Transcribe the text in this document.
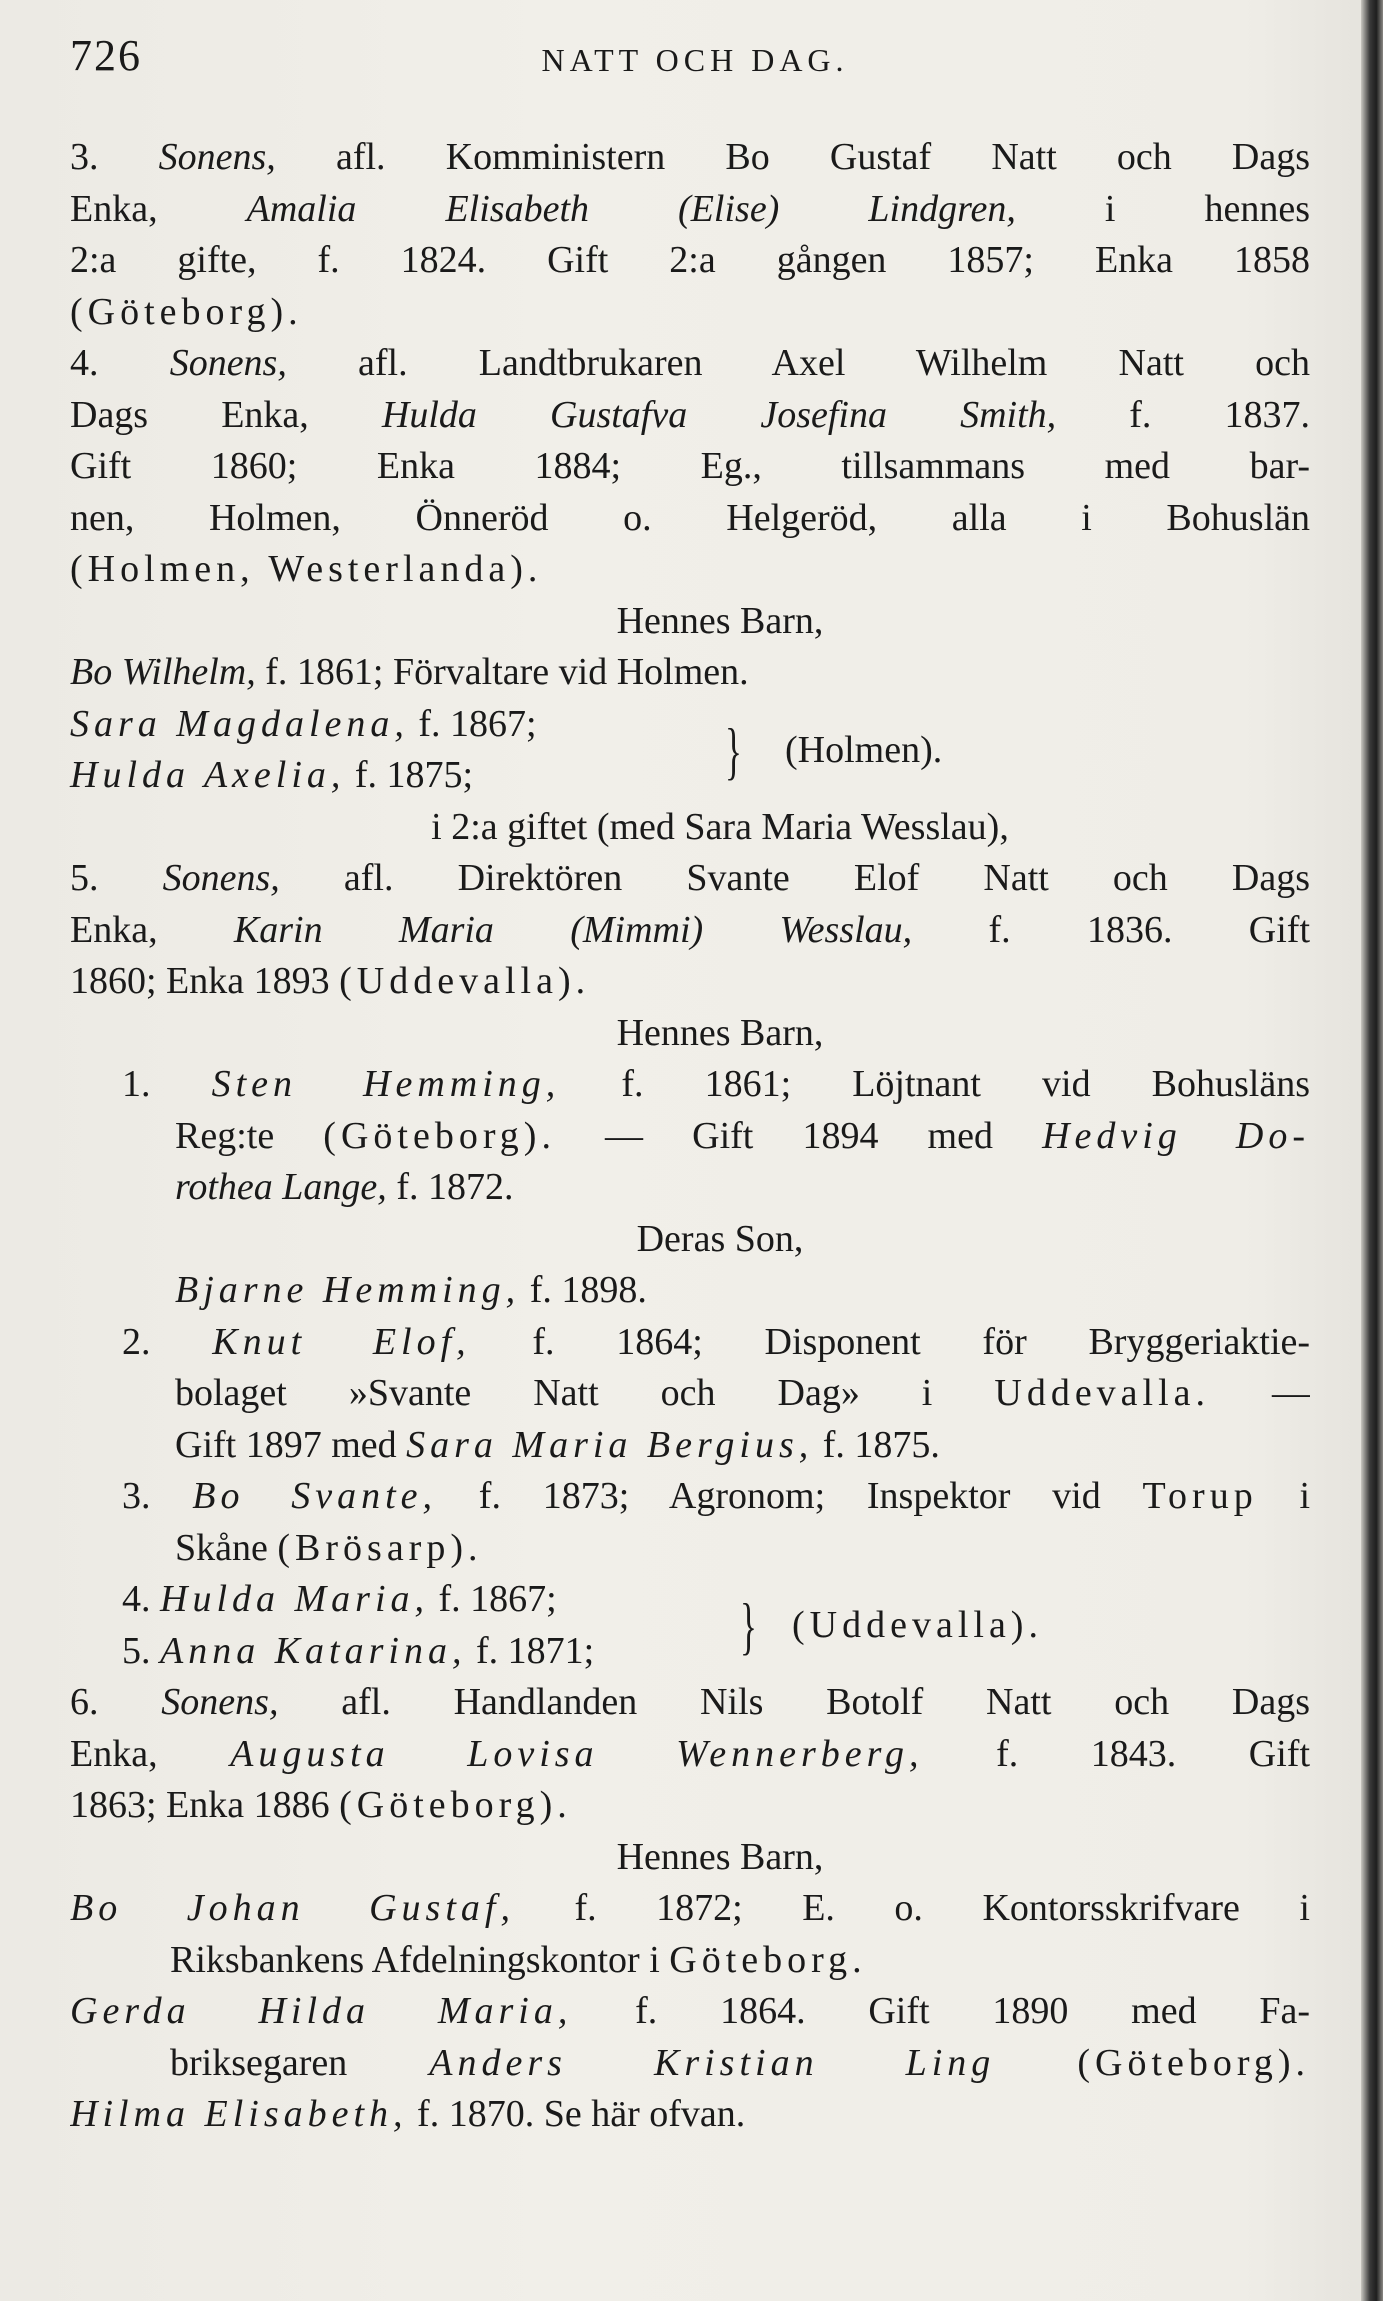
726	NATT OCH DAG.
3. Sonens, afl. Komministern Bo Gustaf Natt och Dags
Enka, Amalia Elisabeth (Elise) Lindgren, i hennes
2:a gifte, f. 1824. Gift 2:a gången 1857; Enka 1858
(Göteborg).
4. Sonens, afl. Landtbrukaren Axel Wilhelm Natt och
Dags Enka, Hulda Gustafva Josefina Smith, f. 1837.
Gift 1860; Enka 1884; Eg., tillsammans med bar-
nen, Holmen, Önneröd o. Helgeröd, alla i Bohuslän
(Holmen, Westerlanda).
Hennes Barn,
Bo Wilhelm, f. 1861; Förvaltare vid Holmen.
Sara Magdalena, f. 1867;
Hulda Axelia, f. 1875;	} (Holmen).
i 2:a giftet (med Sara Maria Wesslau),
5. Sonens, afl. Direktören Svante Elof Natt och Dags
Enka, Karin Maria (Mimmi) Wesslau, f. 1836. Gift
1860; Enka 1893 (Uddevalla).
Hennes Barn,
1. Sten Hemming, f. 1861; Löjtnant vid Bohusläns
Reg:te (Göteborg). — Gift 1894 med Hedvig Do-
rothea Lange, f. 1872.
Deras Son,
Bjarne Hemming, f. 1898.
2. Knut Elof, f. 1864; Disponent för Bryggeriaktie-
bolaget »Svante Natt och Dag» i Uddevalla. —
Gift 1897 med Sara Maria Bergius, f. 1875.
3. Bo Svante, f. 1873; Agronom; Inspektor vid Torup i
Skåne (Brösarp).
4. Hulda Maria, f. 1867;
5. Anna Katarina, f. 1871; } (Uddevalla).
6. Sonens, afl. Handlanden Nils Botolf Natt och Dags
Enka, Augusta Lovisa Wennerberg, f. 1843. Gift
1863; Enka 1886 (Göteborg).
Hennes Barn,
Bo Johan Gustaf, f. 1872; E. o. Kontorsskrifvare i
Riksbankens Afdelningskontor i Göteborg.
Gerda Hilda Maria, f. 1864. Gift 1890 med Fa-
briksegaren Anders Kristian Ling (Göteborg).
Hilma Elisabeth, f. 1870. Se här ofvan.
